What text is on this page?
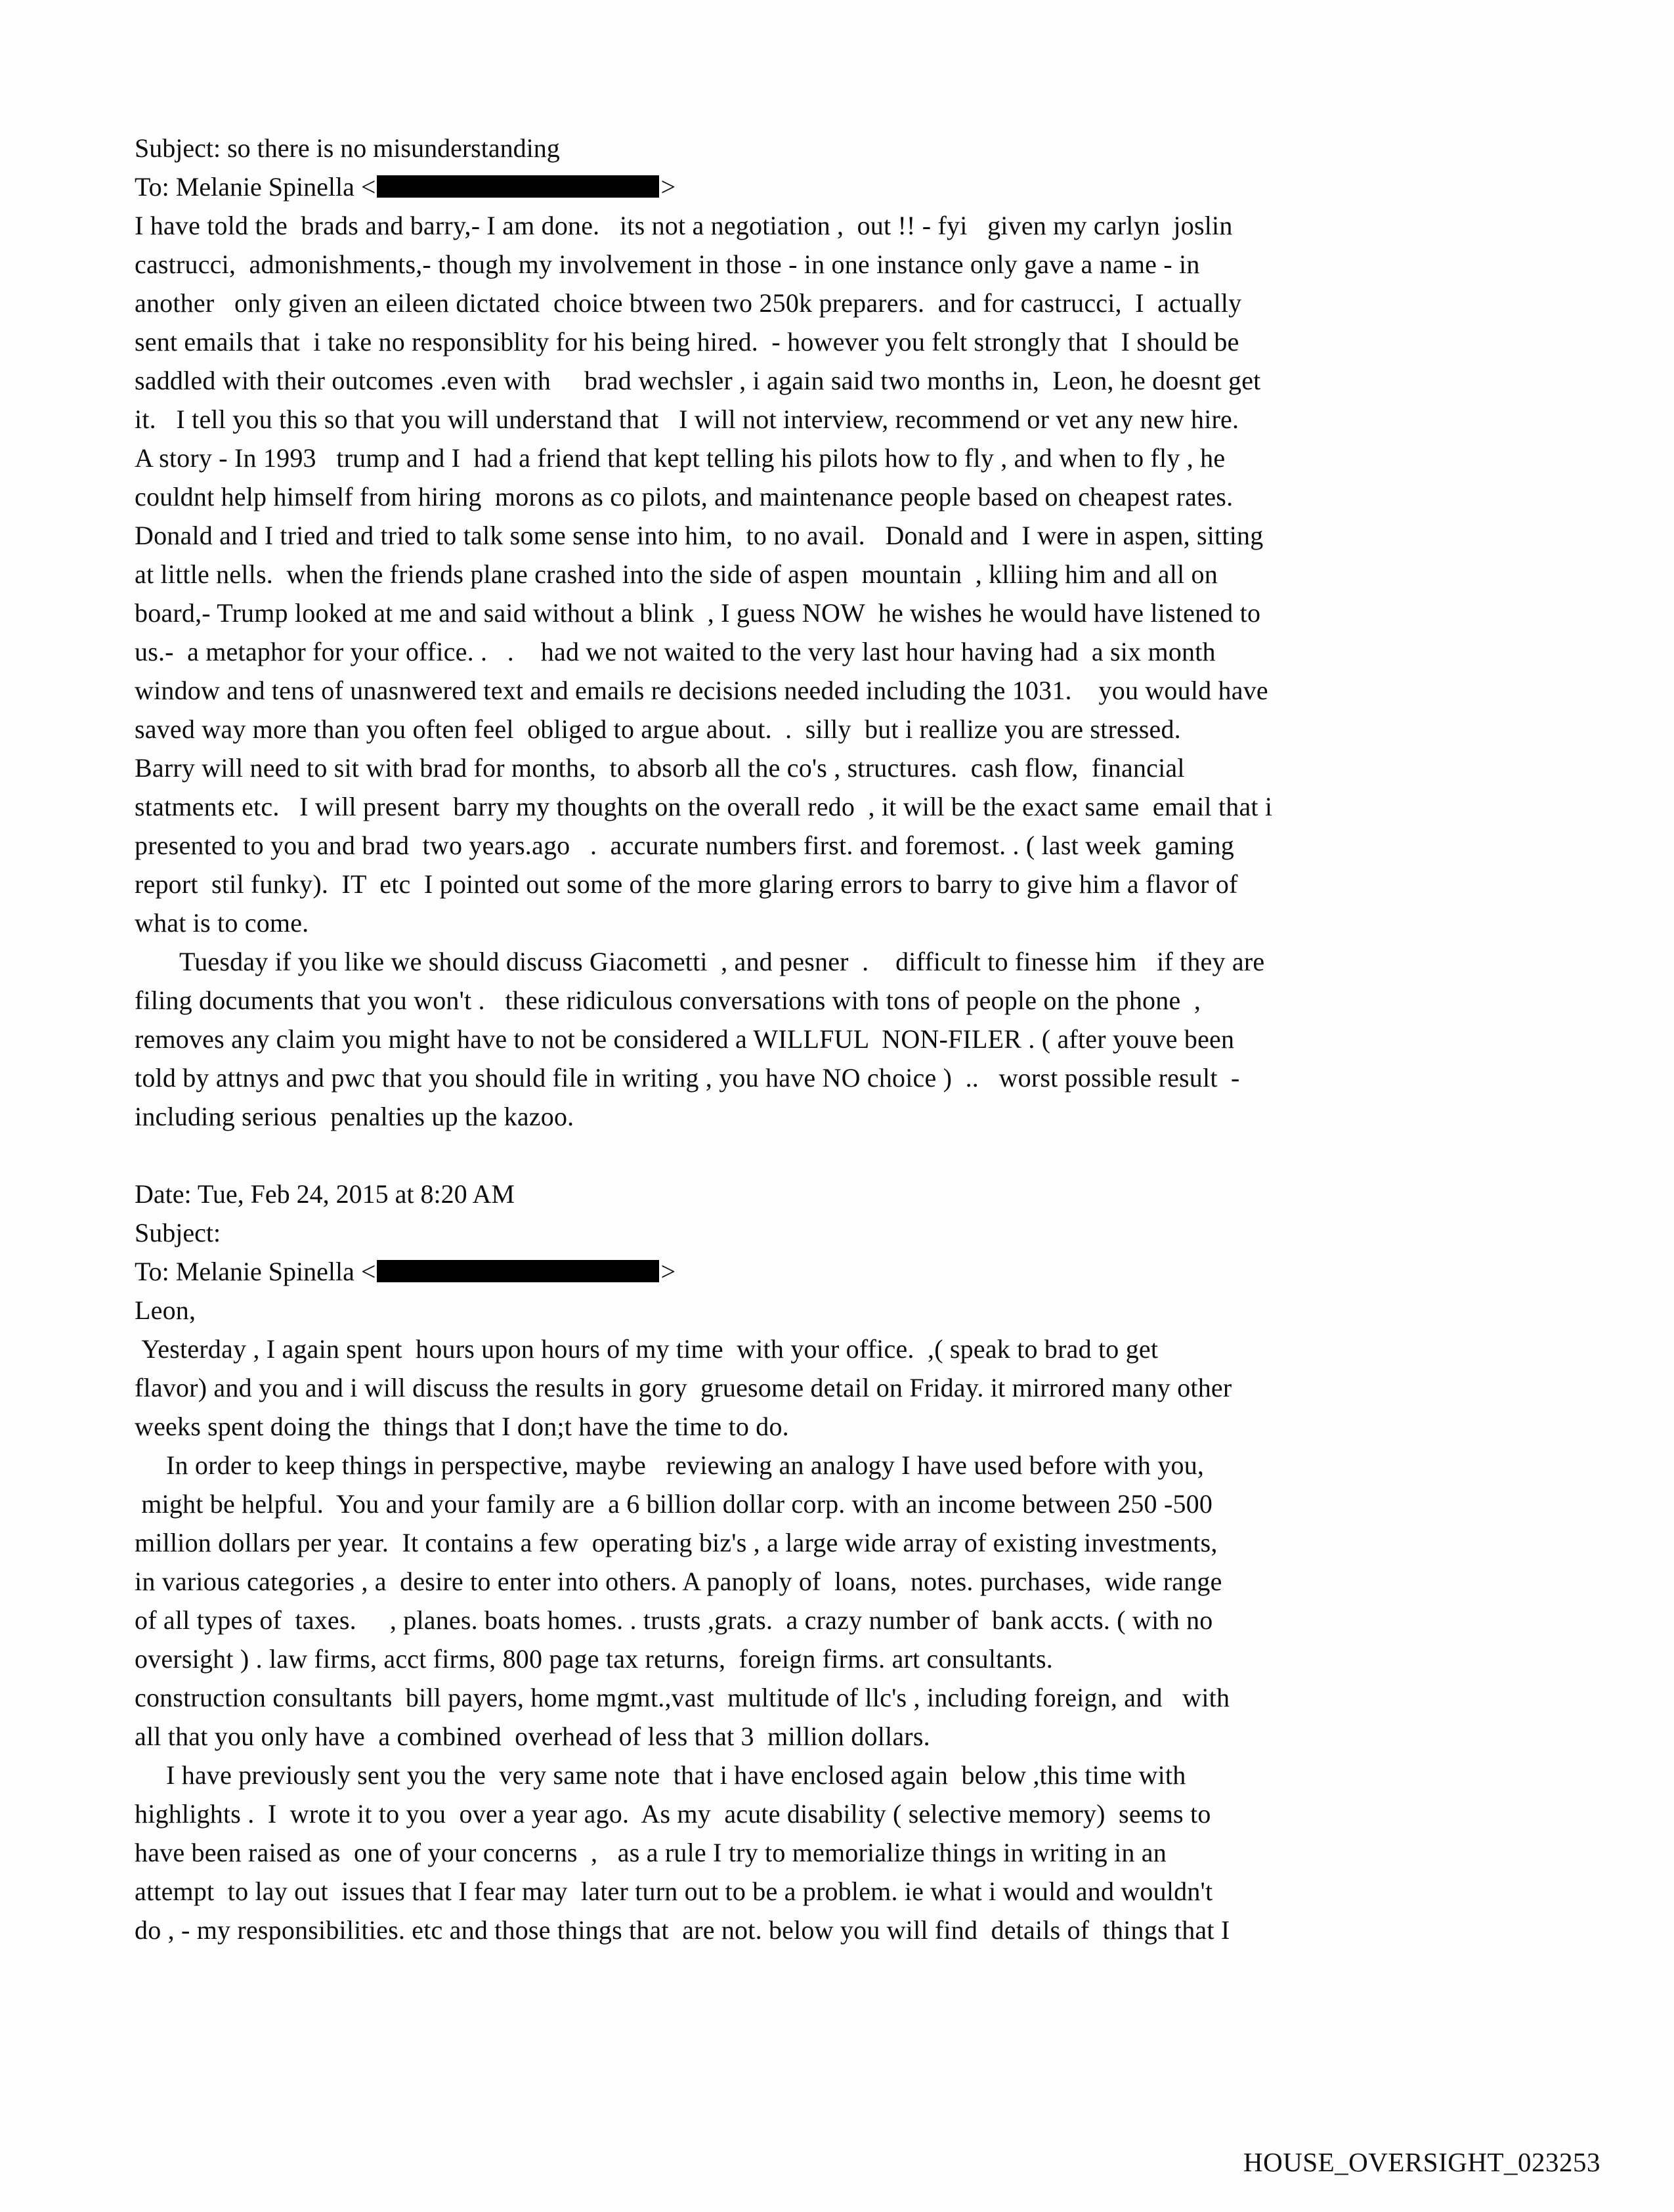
Subject: so there is no misunderstanding
To: Melanie Spinella <	>
I have told the  brads and barry,- I am done.   its not a negotiation ,  out !! - fyi   given my carlyn  joslin
castrucci,  admonishments,- though my involvement in those - in one instance only gave a name - in
another   only given an eileen dictated  choice btween two 250k preparers.  and for castrucci,  I  actually
sent emails that  i take no responsiblity for his being hired.  - however you felt strongly that  I should be
saddled with their outcomes .even with     brad wechsler , i again said two months in,  Leon, he doesnt get
it.   I tell you this so that you will understand that   I will not interview, recommend or vet any new hire.
A story - In 1993   trump and I  had a friend that kept telling his pilots how to fly , and when to fly , he
couldnt help himself from hiring  morons as co pilots, and maintenance people based on cheapest rates.
Donald and I tried and tried to talk some sense into him,  to no avail.   Donald and  I were in aspen, sitting
at little nells.  when the friends plane crashed into the side of aspen  mountain  , klliing him and all on
board,- Trump looked at me and said without a blink  , I guess NOW  he wishes he would have listened to
us.-  a metaphor for your office. .   .    had we not waited to the very last hour having had  a six month
window and tens of unasnwered text and emails re decisions needed including the 1031.    you would have
saved way more than you often feel  obliged to argue about.  .  silly  but i reallize you are stressed.
Barry will need to sit with brad for months,  to absorb all the co's , structures.  cash flow,  financial
statments etc.   I will present  barry my thoughts on the overall redo  , it will be the exact same  email that i
presented to you and brad  two years.ago   .  accurate numbers first. and foremost. . ( last week  gaming
report  stil funky).  IT  etc  I pointed out some of the more glaring errors to barry to give him a flavor of
what is to come.
Tuesday if you like we should discuss Giacometti  , and pesner  .    difficult to finesse him   if they are
filing documents that you won't .   these ridiculous conversations with tons of people on the phone  ,
removes any claim you might have to not be considered a WILLFUL  NON-FILER . ( after youve been
told by attnys and pwc that you should file in writing , you have NO choice )  ..   worst possible result  -
including serious  penalties up the kazoo.
Date: Tue, Feb 24, 2015 at 8:20 AM
Subject:
To: Melanie Spinella <	>
Leon,
Yesterday , I again spent  hours upon hours of my time  with your office.  ,( speak to brad to get
flavor) and you and i will discuss the results in gory  gruesome detail on Friday. it mirrored many other
weeks spent doing the  things that I don;t have the time to do.
In order to keep things in perspective, maybe   reviewing an analogy I have used before with you,
might be helpful.  You and your family are  a 6 billion dollar corp. with an income between 250 -500
million dollars per year.  It contains a few  operating biz's , a large wide array of existing investments,
in various categories , a  desire to enter into others. A panoply of  loans,  notes. purchases,  wide range
of all types of  taxes.     , planes. boats homes. . trusts ,grats.  a crazy number of  bank accts. ( with no
oversight ) . law firms, acct firms, 800 page tax returns,  foreign firms. art consultants.
construction consultants  bill payers, home mgmt.,vast  multitude of llc's , including foreign, and   with
all that you only have  a combined  overhead of less that 3  million dollars.
I have previously sent you the  very same note  that i have enclosed again  below ,this time with
highlights .  I  wrote it to you  over a year ago.  As my  acute disability ( selective memory)  seems to
have been raised as  one of your concerns  ,   as a rule I try to memorialize things in writing in an
attempt  to lay out  issues that I fear may  later turn out to be a problem. ie what i would and wouldn't
do , - my responsibilities. etc and those things that  are not. below you will find  details of  things that I
HOUSE_OVERSIGHT_023253
